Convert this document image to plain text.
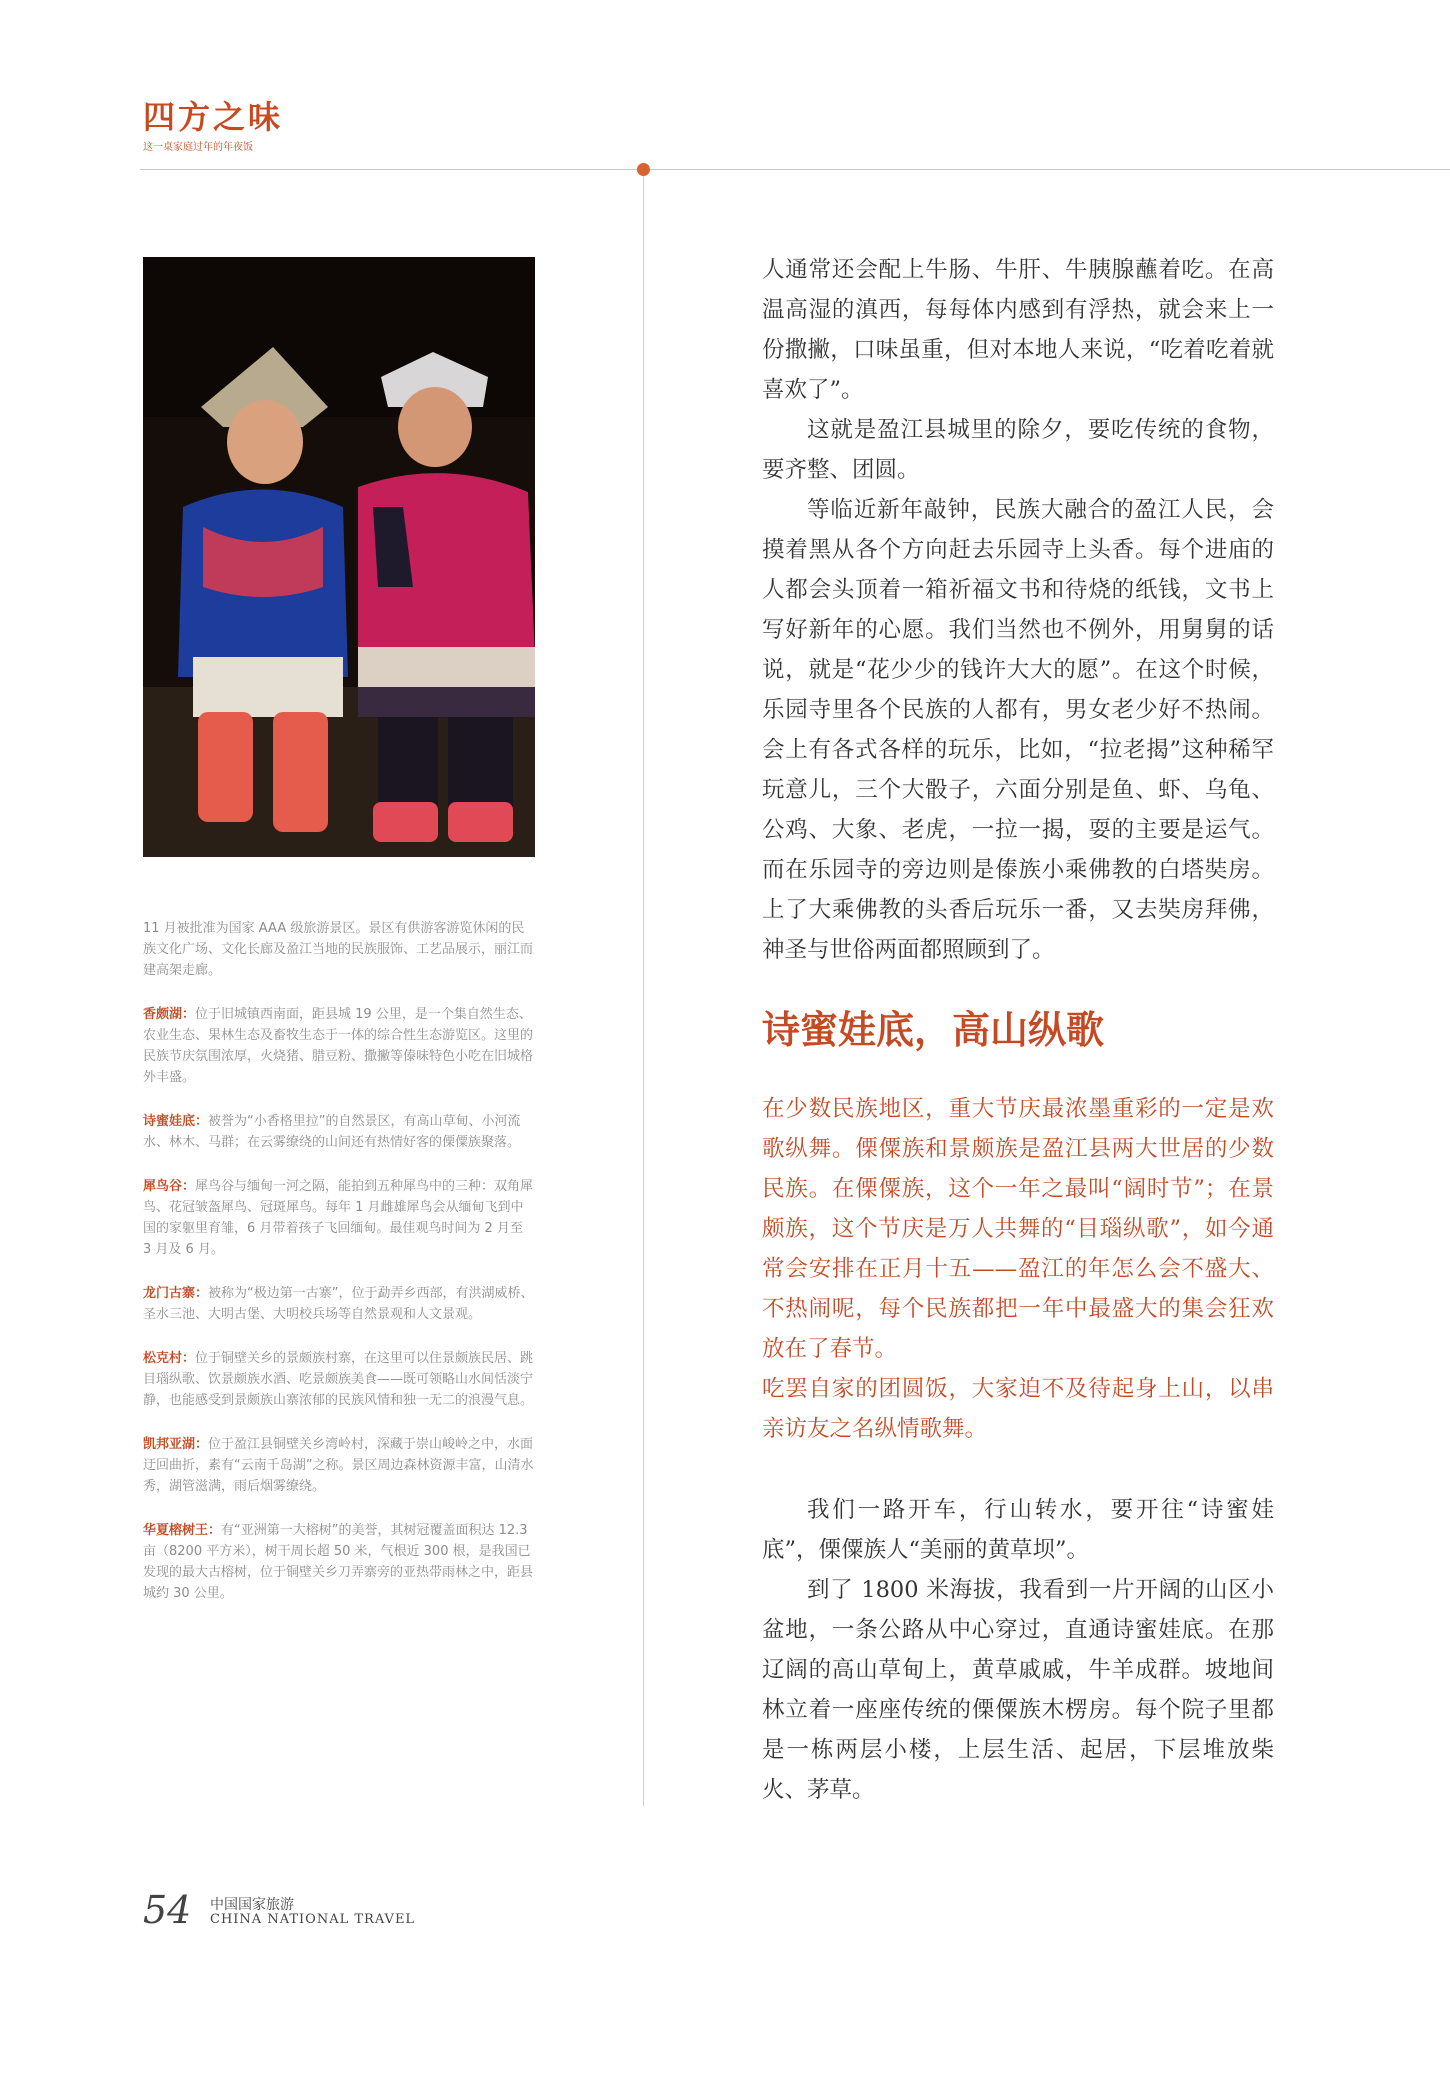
四方之味
这一桌家庭过年的年夜饭

11 月被批准为国家 AAA 级旅游景区。景区有供游客游览休闲的民族文化广场、文化长廊及盈江当地的民族服饰、工艺品展示，丽江而建高架走廊。

香颇湖：位于旧城镇西南面，距县城 19 公里，是一个集自然生态、农业生态、果林生态及畜牧生态于一体的综合性生态游览区。这里的民族节庆氛围浓厚，火烧猪、腊豆粉、撒撇等傣味特色小吃在旧城格外丰盛。

诗蜜娃底：被誉为“小香格里拉”的自然景区，有高山草甸、小河流水、林木、马群；在云雾缭绕的山间还有热情好客的傈僳族聚落。

犀鸟谷：犀鸟谷与缅甸一河之隔，能拍到五种犀鸟中的三种：双角犀鸟、花冠皱盔犀鸟、冠斑犀鸟。每年 1 月雌雄犀鸟会从缅甸飞到中国的家躯里育雏，6 月带着孩子飞回缅甸。最佳观鸟时间为 2 月至 3 月及 6 月。

龙门古寨：被称为“极边第一古寨”，位于勐弄乡西部，有洪湖威桥、圣水三池、大明古堡、大明校兵场等自然景观和人文景观。

松克村：位于铜壁关乡的景颇族村寨，在这里可以住景颇族民居、跳目瑙纵歌、饮景颇族水酒、吃景颇族美食——既可领略山水间恬淡宁静，也能感受到景颇族山寨浓郁的民族风情和独一无二的浪漫气息。

凯邦亚湖：位于盈江县铜壁关乡湾岭村，深藏于崇山峻岭之中，水面迂回曲折，素有“云南千岛湖”之称。景区周边森林资源丰富，山清水秀，湖管滋满，雨后烟雾缭绕。

华夏榕树王：有“亚洲第一大榕树”的美誉，其树冠覆盖面积达 12.3 亩（8200 平方米），树干周长超 50 米，气根近 300 根，是我国已发现的最大古榕树，位于铜壁关乡刀弄寨旁的亚热带雨林之中，距县城约 30 公里。

人通常还会配上牛肠、牛肝、牛胰腺蘸着吃。在高温高湿的滇西，每每体内感到有浮热，就会来上一份撒撇，口味虽重，但对本地人来说，“吃着吃着就喜欢了”。

这就是盈江县城里的除夕，要吃传统的食物，要齐整、团圆。

等临近新年敲钟，民族大融合的盈江人民，会摸着黑从各个方向赶去乐园寺上头香。每个进庙的人都会头顶着一箱祈福文书和待烧的纸钱，文书上写好新年的心愿。我们当然也不例外，用舅舅的话说，就是“花少少的钱许大大的愿”。在这个时候，乐园寺里各个民族的人都有，男女老少好不热闹。会上有各式各样的玩乐，比如，“拉老揭”这种稀罕玩意儿，三个大骰子，六面分别是鱼、虾、乌龟、公鸡、大象、老虎，一拉一揭，耍的主要是运气。而在乐园寺的旁边则是傣族小乘佛教的白塔奘房。上了大乘佛教的头香后玩乐一番，又去奘房拜佛，神圣与世俗两面都照顾到了。

诗蜜娃底，高山纵歌

在少数民族地区，重大节庆最浓墨重彩的一定是欢歌纵舞。傈僳族和景颇族是盈江县两大世居的少数民族。在傈僳族，这个一年之最叫“阔时节”；在景颇族，这个节庆是万人共舞的“目瑙纵歌”，如今通常会安排在正月十五——盈江的年怎么会不盛大、不热闹呢，每个民族都把一年中最盛大的集会狂欢放在了春节。

吃罢自家的团圆饭，大家迫不及待起身上山，以串亲访友之名纵情歌舞。

我们一路开车，行山转水，要开往“诗蜜娃底”，傈僳族人“美丽的黄草坝”。

到了 1800 米海拔，我看到一片开阔的山区小盆地，一条公路从中心穿过，直通诗蜜娃底。在那辽阔的高山草甸上，黄草戚戚，牛羊成群。坡地间林立着一座座传统的傈僳族木楞房。每个院子里都是一栋两层小楼，上层生活、起居，下层堆放柴火、茅草。

54 中国国家旅游
CHINA NATIONAL TRAVEL
